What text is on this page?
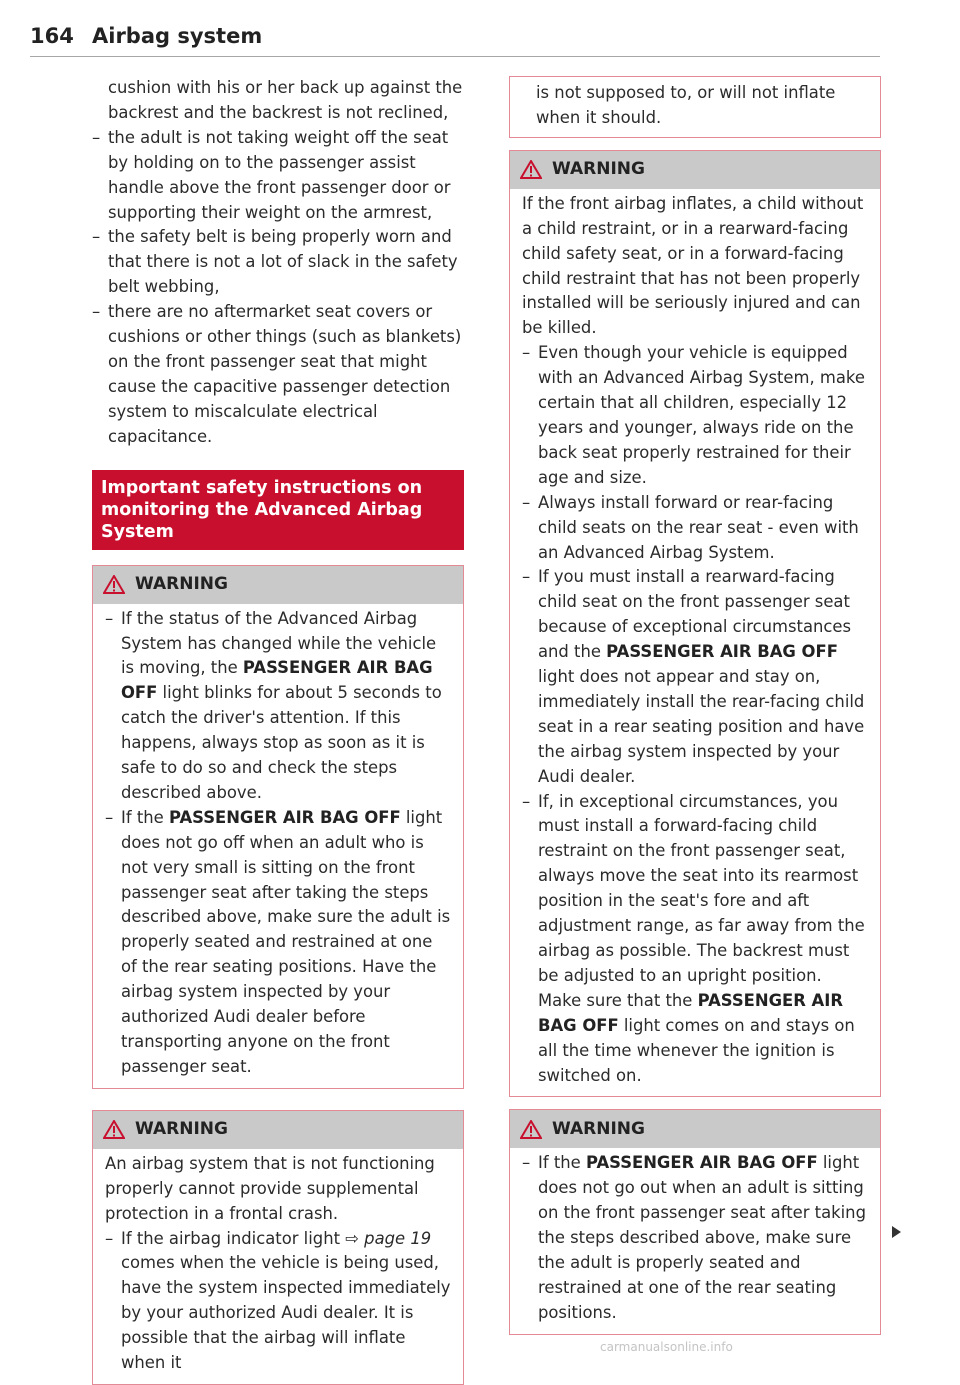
164 Airbag system

cushion with his or her back up against the backrest and the backrest is not reclined,

– the adult is not taking weight off the seat by holding on to the passenger assist handle above the front passenger door or supporting their weight on the armrest,
– the safety belt is being properly worn and that there is not a lot of slack in the safety belt webbing,
– there are no aftermarket seat covers or cushions or other things (such as blankets) on the front passenger seat that might cause the capacitive passenger detection system to miscalculate electrical capacitance.
Important safety instructions on monitoring the Advanced Airbag System
WARNING
– If the status of the Advanced Airbag System has changed while the vehicle is moving, the PASSENGER AIR BAG OFF light blinks for about 5 seconds to catch the driver's attention. If this happens, always stop as soon as it is safe to do so and check the steps described above.
– If the PASSENGER AIR BAG OFF light does not go off when an adult who is not very small is sitting on the front passenger seat after taking the steps described above, make sure the adult is properly seated and restrained at one of the rear seating positions. Have the airbag system inspected by your authorized Audi dealer before transporting anyone on the front passenger seat.
WARNING

An airbag system that is not functioning properly cannot provide supplemental protection in a frontal crash.

– If the airbag indicator light ⇨ page 19 comes when the vehicle is being used, have the system inspected immediately by your authorized Audi dealer. It is possible that the airbag will inflate when it

is not supposed to, or will not inflate when it should.

WARNING

If the front airbag inflates, a child without a child restraint, or in a rearward-facing child safety seat, or in a forward-facing child restraint that has not been properly installed will be seriously injured and can be killed.

– Even though your vehicle is equipped with an Advanced Airbag System, make certain that all children, especially 12 years and younger, always ride on the back seat properly restrained for their age and size.
– Always install forward or rear-facing child seats on the rear seat - even with an Advanced Airbag System.
– If you must install a rearward-facing child seat on the front passenger seat because of exceptional circumstances and the PASSENGER AIR BAG OFF light does not appear and stay on, immediately install the rear-facing child seat in a rear seating position and have the airbag system inspected by your Audi dealer.
– If, in exceptional circumstances, you must install a forward-facing child restraint on the front passenger seat, always move the seat into its rearmost position in the seat's fore and aft adjustment range, as far away from the airbag as possible. The backrest must be adjusted to an upright position. Make sure that the PASSENGER AIR BAG OFF light comes on and stays on all the time whenever the ignition is switched on.
WARNING
– If the PASSENGER AIR BAG OFF light does not go out when an adult is sitting on the front passenger seat after taking the steps described above, make sure the adult is properly seated and restrained at one of the rear seating positions.
carmanualsonline.info
